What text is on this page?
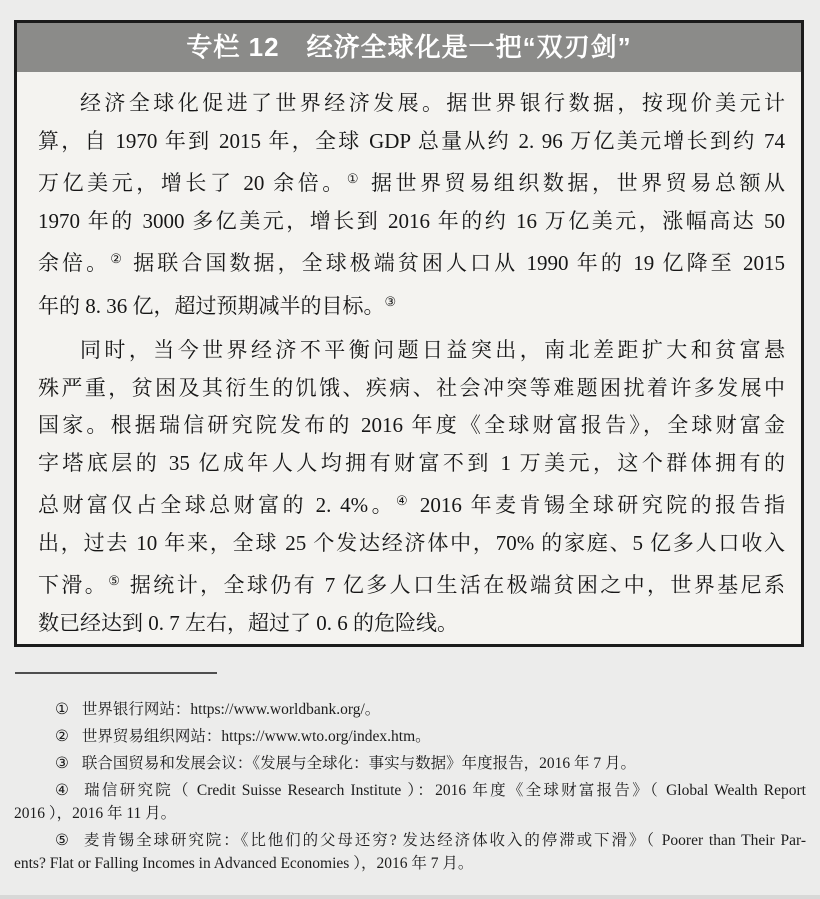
专栏 12　经济全球化是一把“双刃剑”
经济全球化促进了世界经济发展。据世界银行数据，按现价美元计
算，自 1970 年到 2015 年，全球 GDP 总量从约 2. 96 万亿美元增长到约 74
万亿美元，增长了 20 余倍。① 据世界贸易组织数据，世界贸易总额从
1970 年的 3000 多亿美元，增长到 2016 年的约 16 万亿美元，涨幅高达 50
余倍。② 据联合国数据，全球极端贫困人口从 1990 年的 19 亿降至 2015
年的 8. 36 亿，超过预期减半的目标。③
同时，当今世界经济不平衡问题日益突出，南北差距扩大和贫富悬
殊严重，贫困及其衍生的饥饿、疾病、社会冲突等难题困扰着许多发展中
国家。根据瑞信研究院发布的 2016 年度《全球财富报告》，全球财富金
字塔底层的 35 亿成年人人均拥有财富不到 1 万美元，这个群体拥有的
总财富仅占全球总财富的 2. 4%。④ 2016 年麦肯锡全球研究院的报告指
出，过去 10 年来，全球 25 个发达经济体中，70% 的家庭、5 亿多人口收入
下滑。⑤ 据统计，全球仍有 7 亿多人口生活在极端贫困之中，世界基尼系
数已经达到 0. 7 左右，超过了 0. 6 的危险线。
① 世界银行网站：https://www.worldbank.org/。
② 世界贸易组织网站：https://www.wto.org/index.htm。
③ 联合国贸易和发展会议：《发展与全球化：事实与数据》年度报告，2016 年 7 月。
④ 瑞信研究院（ Credit Suisse Research Institute ）：2016 年度《全球财富报告》（ Global Wealth Report
2016 ），2016 年 11 月。
⑤ 麦肯锡全球研究院：《比他们的父母还穷? 发达经济体收入的停滞或下滑》（ Poorer than Their Par-
ents? Flat or Falling Incomes in Advanced Economies ），2016 年 7 月。
